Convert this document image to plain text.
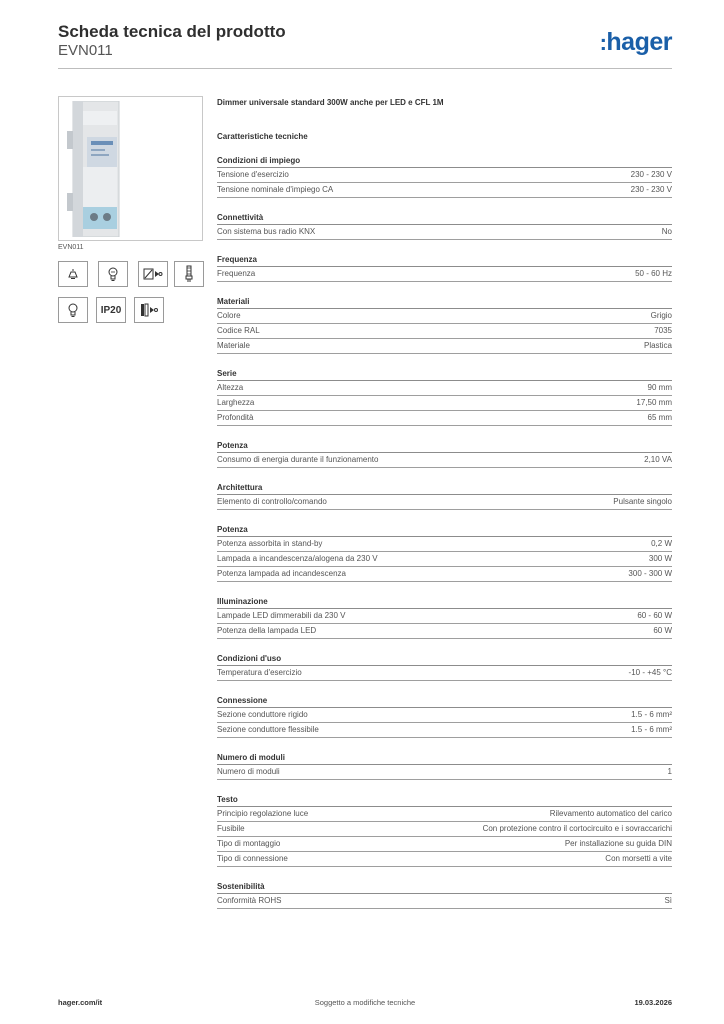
Scheda tecnica del prodotto
EVN011	:hager
EVN011
IP20
Dimmer universale standard 300W anche per LED e CFL 1M
Caratteristiche tecniche
Condizioni di impiego
Tensione d'esercizio	230 - 230 V
Tensione nominale d'impiego CA	230 - 230 V
Connettività
Con sistema bus radio KNX	No
Frequenza
Frequenza	50 - 60 Hz
Materiali
Colore	Grigio
Codice RAL	7035
Materiale	Plastica
Serie
Altezza	90 mm
Larghezza	17,50 mm
Profondità	65 mm
Potenza
Consumo di energia durante il funzionamento	2,10 VA
Architettura
Elemento di controllo/comando	Pulsante singolo
Potenza
Potenza assorbita in stand-by	0,2 W
Lampada a incandescenza/alogena da 230 V	300 W
Potenza lampada ad incandescenza	300 - 300 W
Illuminazione
Lampade LED dimmerabili da 230 V	60 - 60 W
Potenza della lampada LED	60 W
Condizioni d'uso
Temperatura d'esercizio	-10 - +45 °C
Connessione
Sezione conduttore rigido	1.5 - 6 mm²
Sezione conduttore flessibile	1.5 - 6 mm²
Numero di moduli
Numero di moduli	1
Testo
Principio regolazione luce	Rilevamento automatico del carico
Fusibile	Con protezione contro il cortocircuito e i sovraccarichi
Tipo di montaggio	Per installazione su guida DIN
Tipo di connessione	Con morsetti a vite
Sostenibilità
Conformità ROHS	Sì
hager.com/it	Soggetto a modifiche tecniche	19.03.2026
